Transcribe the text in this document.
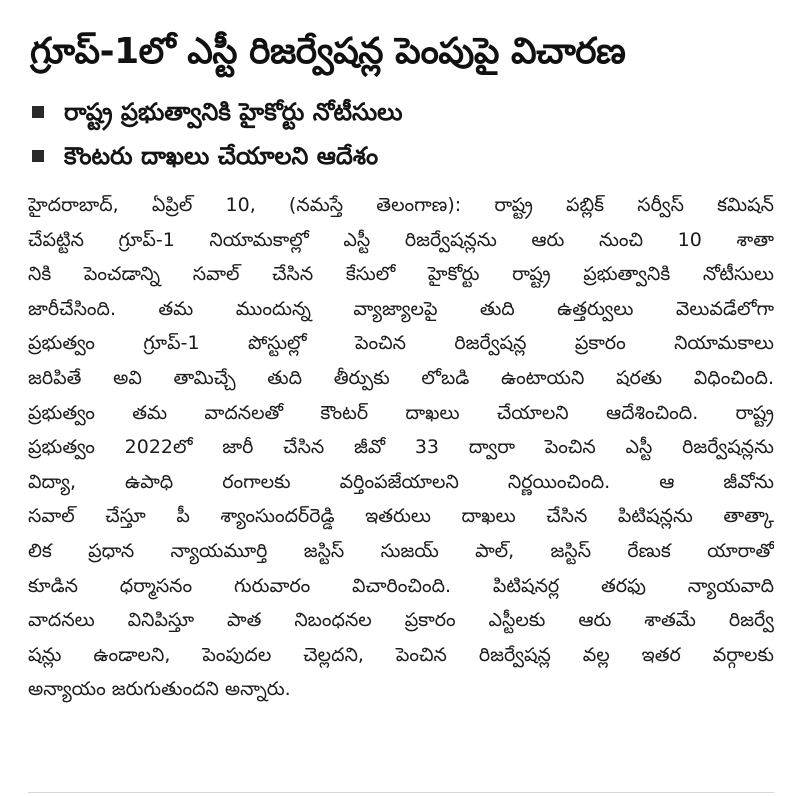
గ్రూప్-1లో ఎస్టీ రిజర్వేషన్ల పెంపుపై విచారణ
రాష్ట్ర ప్రభుత్వానికి హైకోర్టు నోటీసులు
కౌంటరు దాఖలు చేయాలని ఆదేశం
హైదరాబాద్, ఏప్రిల్ 10, (నమస్తే తెలంగాణ): రాష్ట్ర పబ్లిక్ సర్వీస్ కమిషన్
చేపట్టిన గ్రూప్-1 నియామకాల్లో ఎస్టీ రిజర్వేషన్లను ఆరు నుంచి 10 శాతా
నికి పెంచడాన్ని సవాల్ చేసిన కేసులో హైకోర్టు రాష్ట్ర ప్రభుత్వానికి నోటీసులు
జారీచేసింది. తమ ముందున్న వ్యాజ్యాలపై తుది ఉత్తర్వులు వెలువడేలోగా
ప్రభుత్వం గ్రూప్-1 పోస్టుల్లో పెంచిన రిజర్వేషన్ల ప్రకారం నియామకాలు
జరిపితే అవి తామిచ్చే తుది తీర్పుకు లోబడి ఉంటాయని షరతు విధించింది.
ప్రభుత్వం తమ వాదనలతో కౌంటర్ దాఖలు చేయాలని ఆదేశించింది. రాష్ట్ర
ప్రభుత్వం 2022లో జారీ చేసిన జీవో 33 ద్వారా పెంచిన ఎస్టీ రిజర్వేషన్లను
విద్యా, ఉపాధి రంగాలకు వర్తింపజేయాలని నిర్ణయించింది. ఆ జీవోను
సవాల్ చేస్తూ పీ శ్యాంసుందర్‌రెడ్డి ఇతరులు దాఖలు చేసిన పిటిషన్లను తాత్కా
లిక ప్రధాన న్యాయమూర్తి జస్టిస్ సుజయ్ పాల్, జస్టిస్ రేణుక యారాతో
కూడిన ధర్మాసనం గురువారం విచారించింది. పిటిషనర్ల తరఫు న్యాయవాది
వాదనలు వినిపిస్తూ పాత నిబంధనల ప్రకారం ఎస్టీలకు ఆరు శాతమే రిజర్వే
షన్లు ఉండాలని, పెంపుదల చెల్లదని, పెంచిన రిజర్వేషన్ల వల్ల ఇతర వర్గాలకు
అన్యాయం జరుగుతుందని అన్నారు.
